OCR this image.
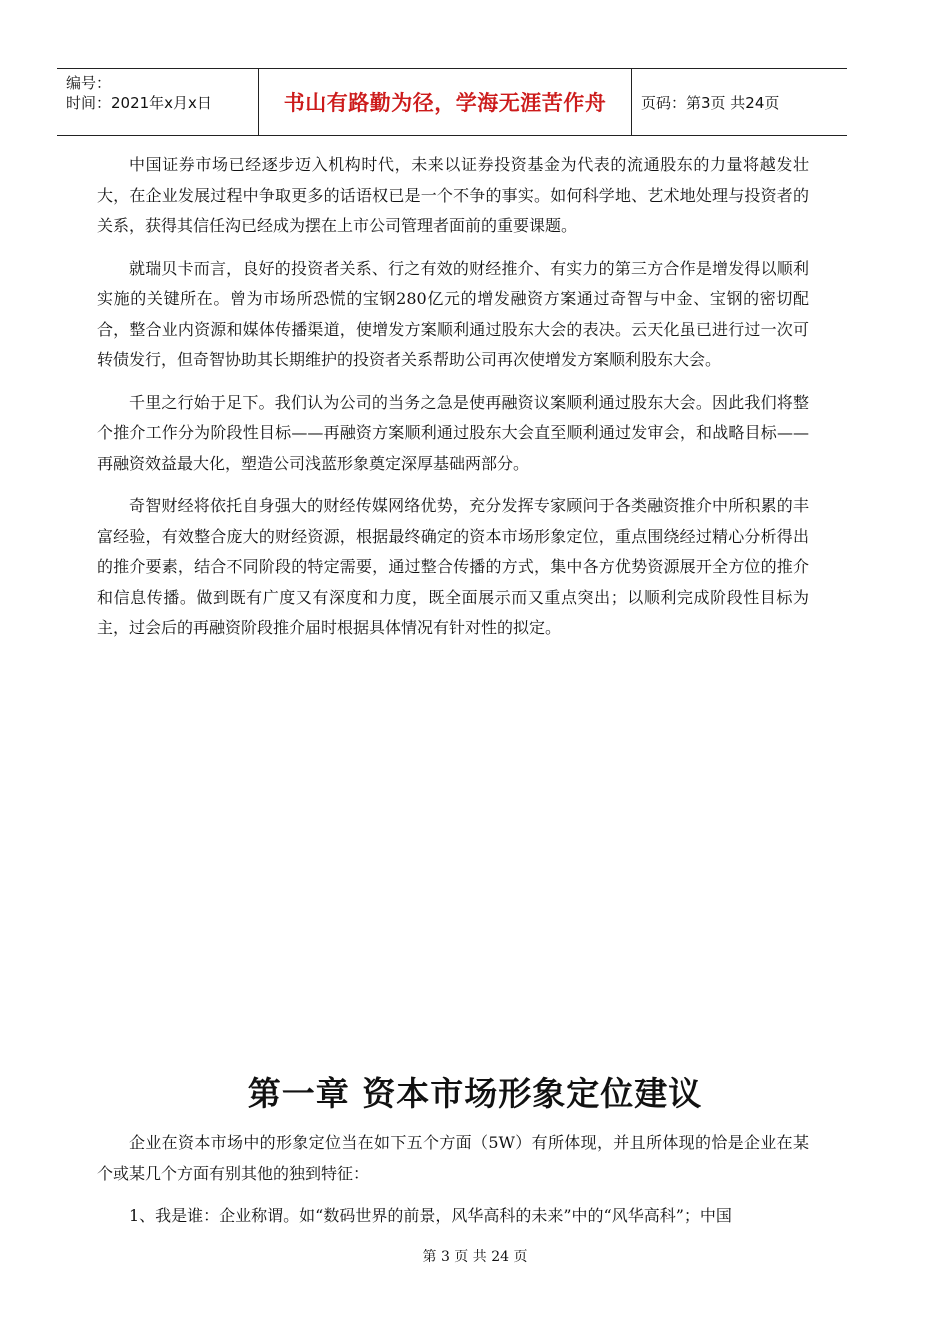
编号：
时间：2021年x月x日	书山有路勤为径，学海无涯苦作舟 页码：第3页 共24页

中国证券市场已经逐步迈入机构时代，未来以证券投资基金为代表的流通股东的力量将越发壮大，在企业发展过程中争取更多的话语权已是一个不争的事实。如何科学地、艺术地处理与投资者的关系，获得其信任沟已经成为摆在上市公司管理者面前的重要课题。

就瑞贝卡而言，良好的投资者关系、行之有效的财经推介、有实力的第三方合作是增发得以顺利实施的关键所在。曾为市场所恐慌的宝钢280亿元的增发融资方案通过奇智与中金、宝钢的密切配合，整合业内资源和媒体传播渠道，使增发方案顺利通过股东大会的表决。云天化虽已进行过一次可转债发行，但奇智协助其长期维护的投资者关系帮助公司再次使增发方案顺利股东大会。

千里之行始于足下。我们认为公司的当务之急是使再融资议案顺利通过股东大会。因此我们将整个推介工作分为阶段性目标——再融资方案顺利通过股东大会直至顺利通过发审会，和战略目标——再融资效益最大化，塑造公司浅蓝形象奠定深厚基础两部分。

奇智财经将依托自身强大的财经传媒网络优势，充分发挥专家顾问于各类融资推介中所积累的丰富经验，有效整合庞大的财经资源，根据最终确定的资本市场形象定位，重点围绕经过精心分析得出的推介要素，结合不同阶段的特定需要，通过整合传播的方式，集中各方优势资源展开全方位的推介和信息传播。做到既有广度又有深度和力度，既全面展示而又重点突出；以顺利完成阶段性目标为主，过会后的再融资阶段推介届时根据具体情况有针对性的拟定。

第一章 资本市场形象定位建议

企业在资本市场中的形象定位当在如下五个方面（5W）有所体现，并且所体现的恰是企业在某个或某几个方面有别其他的独到特征：

1、我是谁：企业称谓。如“数码世界的前景，风华高科的未来”中的“风华高科”；中国

第 3 页 共 24 页
